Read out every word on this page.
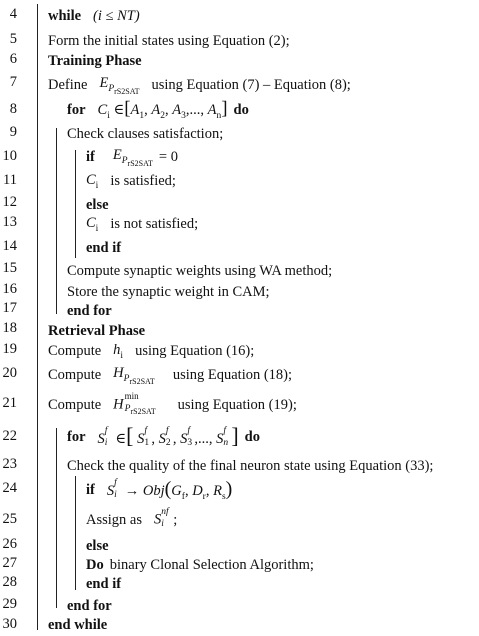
4
5
6
7
8
9
10
11
12
13
14
15
16
17
18
19
20
21
22
23
24
25
26
27
28
29
30
while (i ≤ NT)
Form the initial states using Equation (2);
Training Phase
Define $E_{P_{rS2SAT}}$ using Equation (7) – Equation (8);
for $C_i$ $\in[A_1$, $A_2$, $A_3$,..., $A_n$] do
Check clauses satisfaction;
if $E_{P_{rS2SAT}} = 0$
$C_i$ is satisfied;
else
$C_i$ is not satisfied;
end if
Compute synaptic weights using WA method;
Store the synaptic weight in CAM;
end for
Retrieval Phase
Compute $h_i$ using Equation (16);
Compute $H_{P_{rS2SAT}}$ using Equation (18);
Compute H
min
$P_{rS2SAT}$ using Equation (19);
for S f
i ∈[ S f
1 , S f
2 , S f
3 ,..., S f
n ] do
Check the quality of the final neuron state using Equation (33);
if S f
$i \to Obj(G_f$, $D_r$, $R_s$)
Assign as S nf
i ;
else
Do binary Clonal Selection Algorithm;
end if
end for
end while
